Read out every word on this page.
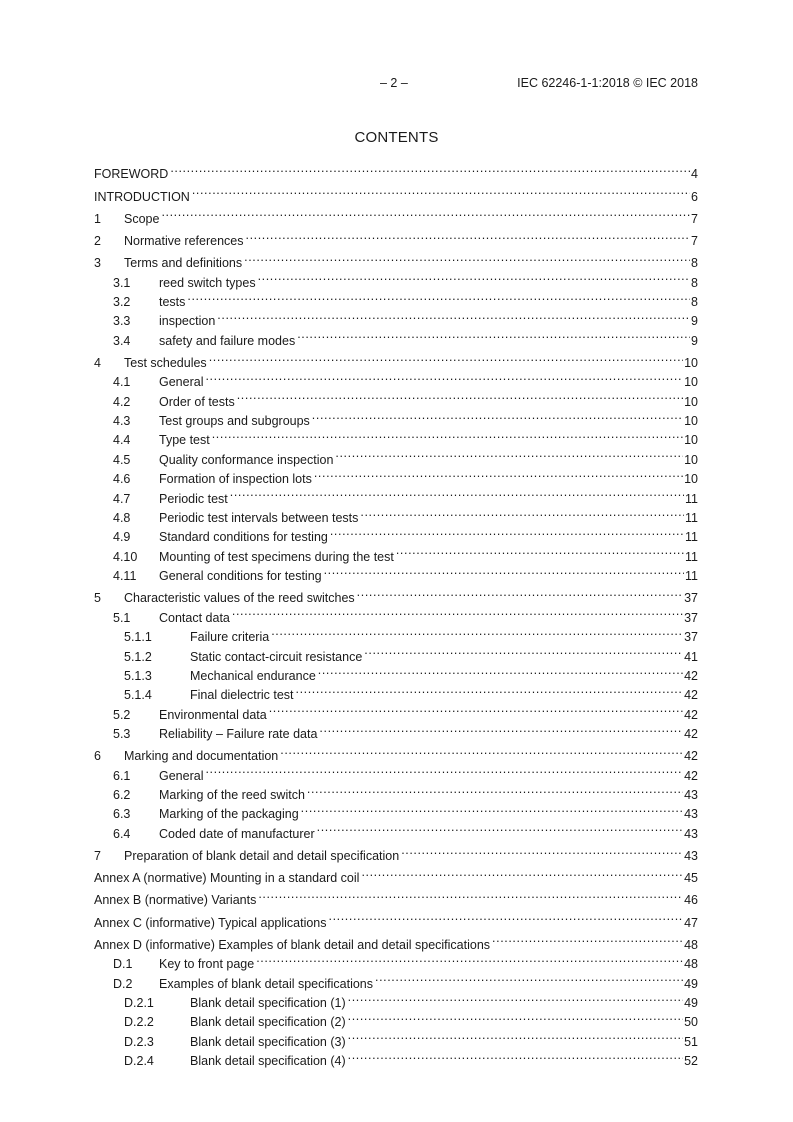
– 2 –	IEC 62246-1-1:2018 © IEC 2018
CONTENTS
FOREWORD .....	4
INTRODUCTION .....	6
1	Scope .....	7
2	Normative references .....	7
3	Terms and definitions .....	8
3.1	reed switch types .....	8
3.2	tests .....	8
3.3	inspection .....	9
3.4	safety and failure modes .....	9
4	Test schedules .....	10
4.1	General .....	10
4.2	Order of tests .....	10
4.3	Test groups and subgroups .....	10
4.4	Type test .....	10
4.5	Quality conformance inspection .....	10
4.6	Formation of inspection lots .....	10
4.7	Periodic test .....	11
4.8	Periodic test intervals between tests .....	11
4.9	Standard conditions for testing .....	11
4.10	Mounting of test specimens during the test .....	11
4.11	General conditions for testing .....	11
5	Characteristic values of the reed switches .....	37
5.1	Contact data .....	37
5.1.1	Failure criteria .....	37
5.1.2	Static contact-circuit resistance .....	41
5.1.3	Mechanical endurance .....	42
5.1.4	Final dielectric test .....	42
5.2	Environmental data .....	42
5.3	Reliability – Failure rate data .....	42
6	Marking and documentation .....	42
6.1	General .....	42
6.2	Marking of the reed switch .....	43
6.3	Marking of the packaging .....	43
6.4	Coded date of manufacturer .....	43
7	Preparation of blank detail and detail specification .....	43
Annex A (normative) Mounting in a standard coil .....	45
Annex B (normative) Variants .....	46
Annex C (informative) Typical applications .....	47
Annex D (informative) Examples of blank detail and detail specifications .....	48
D.1	Key to front page .....	48
D.2	Examples of blank detail specifications .....	49
D.2.1	Blank detail specification (1) .....	49
D.2.2	Blank detail specification (2) .....	50
D.2.3	Blank detail specification (3) .....	51
D.2.4	Blank detail specification (4) .....	52
